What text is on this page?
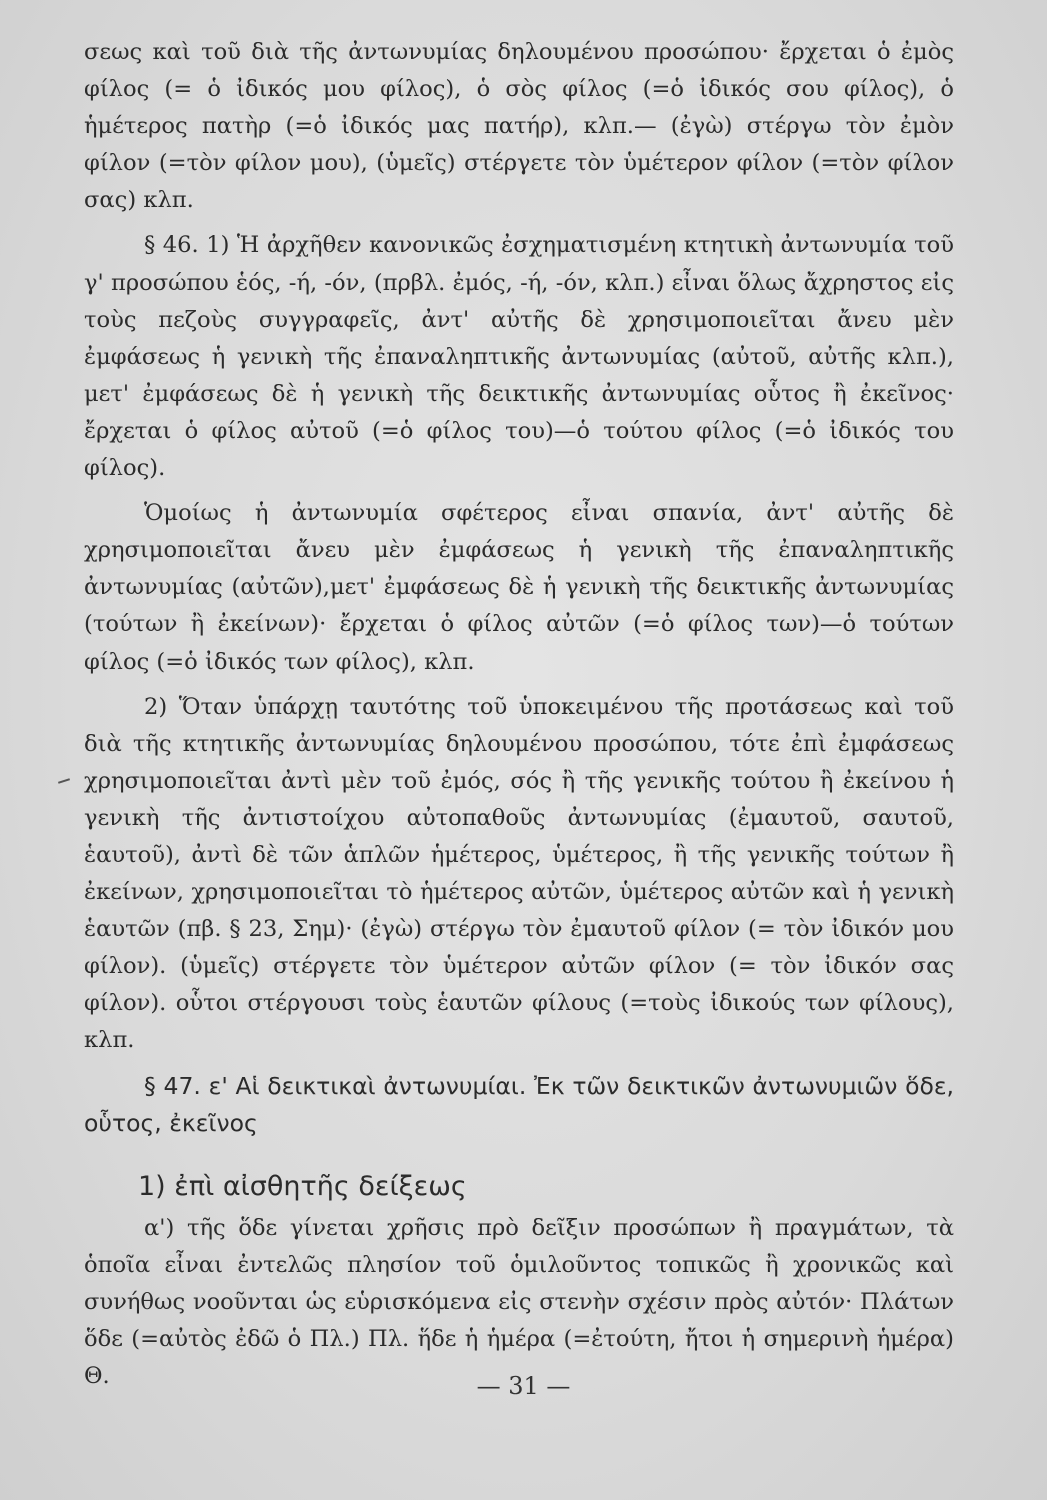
σεως καὶ τοῦ διὰ τῆς ἀντωνυμίας δηλουμένου προσώπου· ἔρχεται ὁ ἐμὸς φίλος (= ὁ ἰδικός μου φίλος), ὁ σὸς φίλος (=ὁ ἰδικός σου φίλος), ὁ ἡμέτερος πατὴρ (=ὁ ἰδικός μας πατήρ), κλπ.— (ἐγὼ) στέργω τὸν ἐμὸν φίλον (=τὸν φίλον μου), (ὑμεῖς) στέργετε τὸν ὑμέτερον φίλον (=τὸν φίλον σας) κλπ.

§ 46. 1) Ἡ ἀρχῆθεν κανονικῶς ἐσχηματισμένη κτητικὴ ἀντωνυμία τοῦ γ' προσώπου ἑός, -ή, -όν, (πρβλ. ἐμός, -ή, -όν, κλπ.) εἶναι ὅλως ἄχρηστος εἰς τοὺς πεζοὺς συγγραφεῖς, ἀντ' αὐτῆς δὲ χρησιμοποιεῖται ἄνευ μὲν ἐμφάσεως ἡ γενικὴ τῆς ἐπαναληπτικῆς ἀντωνυμίας (αὐτοῦ, αὐτῆς κλπ.), μετ' ἐμφάσεως δὲ ἡ γενικὴ τῆς δεικτικῆς ἀντωνυμίας οὗτος ἢ ἐκεῖνος· ἔρχεται ὁ φίλος αὐτοῦ (=ὁ φίλος του)—ὁ τούτου φίλος (=ὁ ἰδικός του φίλος).

Ὁμοίως ἡ ἀντωνυμία σφέτερος εἶναι σπανία, ἀντ' αὐτῆς δὲ χρησιμοποιεῖται ἄνευ μὲν ἐμφάσεως ἡ γενικὴ τῆς ἐπαναληπτικῆς ἀντωνυμίας (αὐτῶν),μετ' ἐμφάσεως δὲ ἡ γενικὴ τῆς δεικτικῆς ἀντωνυμίας (τούτων ἢ ἐκείνων)· ἔρχεται ὁ φίλος αὐτῶν (=ὁ φίλος των)—ὁ τούτων φίλος (=ὁ ἰδικός των φίλος), κλπ.

2) Ὅταν ὑπάρχῃ ταυτότης τοῦ ὑποκειμένου τῆς προτάσεως καὶ τοῦ διὰ τῆς κτητικῆς ἀντωνυμίας δηλουμένου προσώπου, τότε ἐπὶ ἐμφάσεως χρησιμοποιεῖται ἀντὶ μὲν τοῦ ἐμός, σός ἢ τῆς γενικῆς τούτου ἢ ἐκείνου ἡ γενικὴ τῆς ἀντιστοίχου αὐτοπαθοῦς ἀντωνυμίας (ἐμαυτοῦ, σαυτοῦ, ἑαυτοῦ), ἀντὶ δὲ τῶν ἁπλῶν ἡμέτερος, ὑμέτερος, ἢ τῆς γενικῆς τούτων ἢ ἐκείνων, χρησιμοποιεῖται τὸ ἡμέτερος αὐτῶν, ὑμέτερος αὐτῶν καὶ ἡ γενικὴ ἑαυτῶν (πβ. § 23, Σημ)· (ἐγὼ) στέργω τὸν ἐμαυτοῦ φίλον (= τὸν ἰδικόν μου φίλον). (ὑμεῖς) στέργετε τὸν ὑμέτερον αὐτῶν φίλον (= τὸν ἰδικόν σας φίλον). οὗτοι στέργουσι τοὺς ἑαυτῶν φίλους (=τοὺς ἰδικούς των φίλους), κλπ.

§ 47. ε' Αἱ δεικτικαὶ ἀντωνυμίαι. Ἐκ τῶν δεικτικῶν ἀντωνυμιῶν ὅδε, οὗτος, ἐκεῖνος

1) ἐπὶ αἰσθητῆς δείξεως

α') τῆς ὅδε γίνεται χρῆσις πρὸ δεῖξιν προσώπων ἢ πραγμάτων, τὰ ὁποῖα εἶναι ἐντελῶς πλησίον τοῦ ὁμιλοῦντος τοπικῶς ἢ χρονικῶς καὶ συνήθως νοοῦνται ὡς εὑρισκόμενα εἰς στενὴν σχέσιν πρὸς αὐτόν· Πλάτων ὅδε (=αὐτὸς ἐδῶ ὁ Πλ.) Πλ. ἥδε ἡ ἡμέρα (=ἐτούτη, ἤτοι ἡ σημερινὴ ἡμέρα) Θ.	— 31 —
